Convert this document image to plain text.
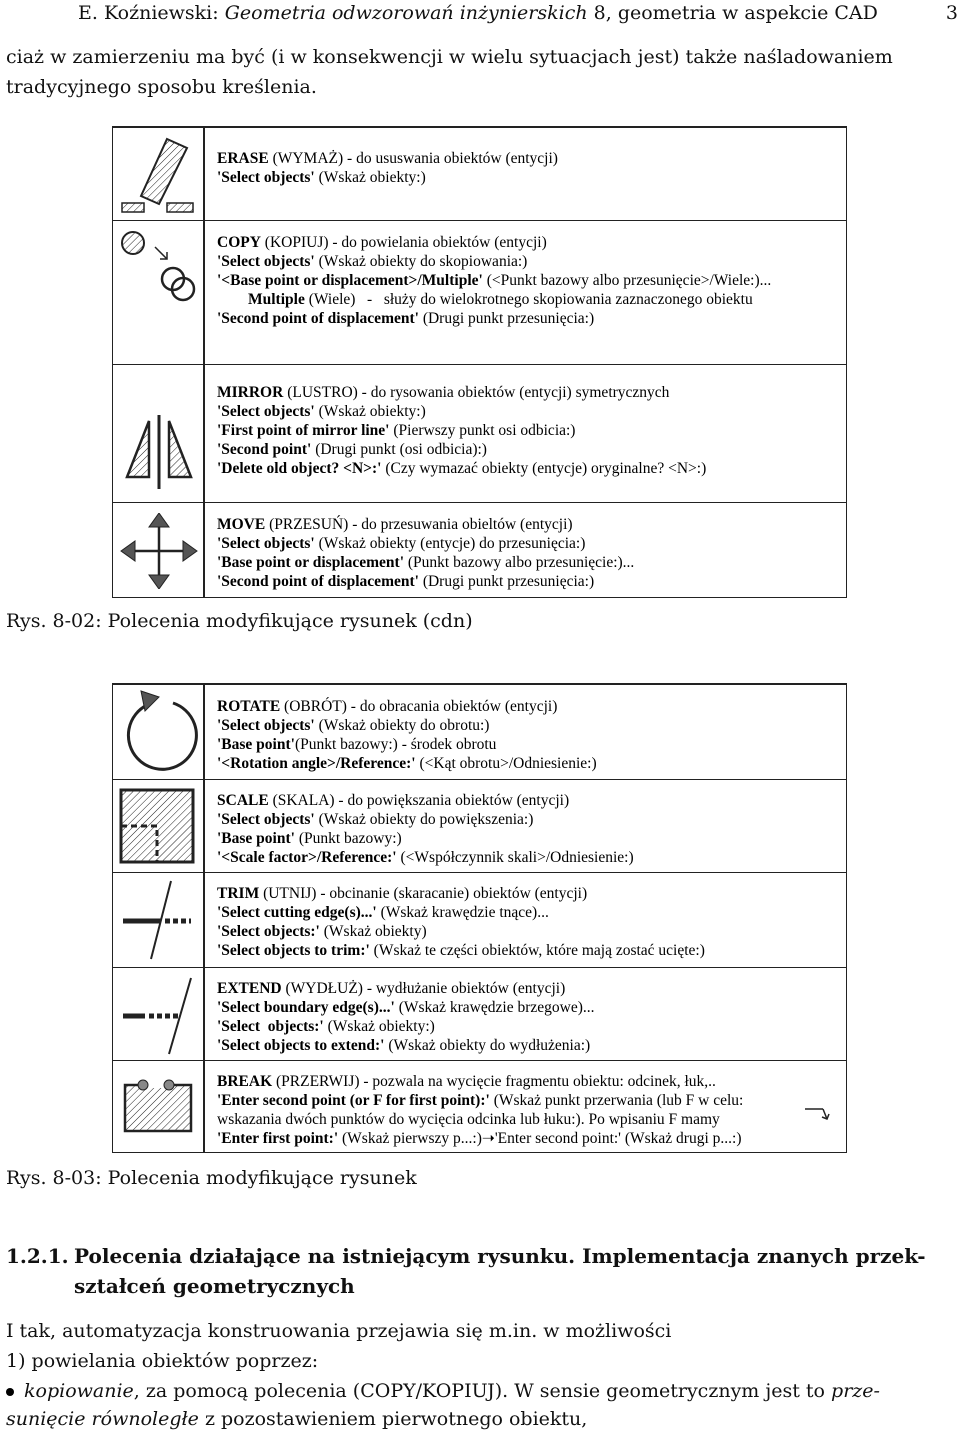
E. Koźniewski: Geometria odwzorowań inżynierskich 8, geometria w aspekcie CAD	3
ciaż w zamierzeniu ma być (i w konsekwencji w wielu sytuacjach jest) także naśladowaniem
tradycyjnego sposobu kreślenia.
ERASE (WYMAŻ) - do ususwania obiektów (entycji)
'Select objects' (Wskaż obiekty:)
COPY (KOPIUJ) - do powielania obiektów (entycji)
'Select objects' (Wskaż obiekty do skopiowania:)
'<Base point or displacement>/Multiple' (<Punkt bazowy albo przesunięcie>/Wiele:)...
Multiple (Wiele)   -   służy do wielokrotnego skopiowania zaznaczonego obiektu
'Second point of displacement' (Drugi punkt przesunięcia:)
MIRROR (LUSTRO) - do rysowania obiektów (entycji) symetrycznych
'Select objects' (Wskaż obiekty:)
'First point of mirror line' (Pierwszy punkt osi odbicia:)
'Second point' (Drugi punkt (osi odbicia):)
'Delete old object? <N>:' (Czy wymazać obiekty (entycje) oryginalne? <N>:)
MOVE (PRZESUŃ) - do przesuwania obieltów (entycji)
'Select objects' (Wskaż obiekty (entycje) do przesunięcia:)
'Base point or displacement' (Punkt bazowy albo przesunięcie:)...
'Second point of displacement' (Drugi punkt przesunięcia:)
Rys. 8-02: Polecenia modyfikujące rysunek (cdn)
ROTATE (OBRÓT) - do obracania obiektów (entycji)
'Select objects' (Wskaż obiekty do obrotu:)
'Base point'(Punkt bazowy:) - środek obrotu
'<Rotation angle>/Reference:' (<Kąt obrotu>/Odniesienie:)
SCALE (SKALA) - do powiększania obiektów (entycji)
'Select objects' (Wskaż obiekty do powiększenia:)
'Base point' (Punkt bazowy:)
'<Scale factor>/Reference:' (<Współczynnik skali>/Odniesienie:)
TRIM (UTNIJ) - obcinanie (skaracanie) obiektów (entycji)
'Select cutting edge(s)...' (Wskaż krawędzie tnące)...
'Select objects:' (Wskaż obiekty)
'Select objects to trim:' (Wskaż te części obiektów, które mają zostać ucięte:)
EXTEND (WYDŁUŻ) - wydłużanie obiektów (entycji)
'Select boundary edge(s)...' (Wskaż krawędzie brzegowe)...
'Select  objects:' (Wskaż obiekty:)
'Select objects to extend:' (Wskaż obiekty do wydłużenia:)
BREAK (PRZERWIJ) - pozwala na wycięcie fragmentu obiektu: odcinek, łuk,..
'Enter second point (or F for first point):' (Wskaż punkt przerwania (lub F w celu:
wskazania dwóch punktów do wycięcia odcinka lub łuku:). Po wpisaniu F mamy
'Enter first point:' (Wskaż pierwszy p...:)➝'Enter second point:' (Wskaż drugi p...:)
Rys. 8-03: Polecenia modyfikujące rysunek
1.2.1. Polecenia działające na istniejącym rysunku. Implementacja znanych przek-
ształceń geometrycznych
I tak, automatyzacja konstruowania przejawia się m.in. w możliwości
1) powielania obiektów poprzez:
kopiowanie, za pomocą polecenia (COPY/KOPIUJ). W sensie geometrycznym jest to prze-
sunięcie równoległe z pozostawieniem pierwotnego obiektu,
